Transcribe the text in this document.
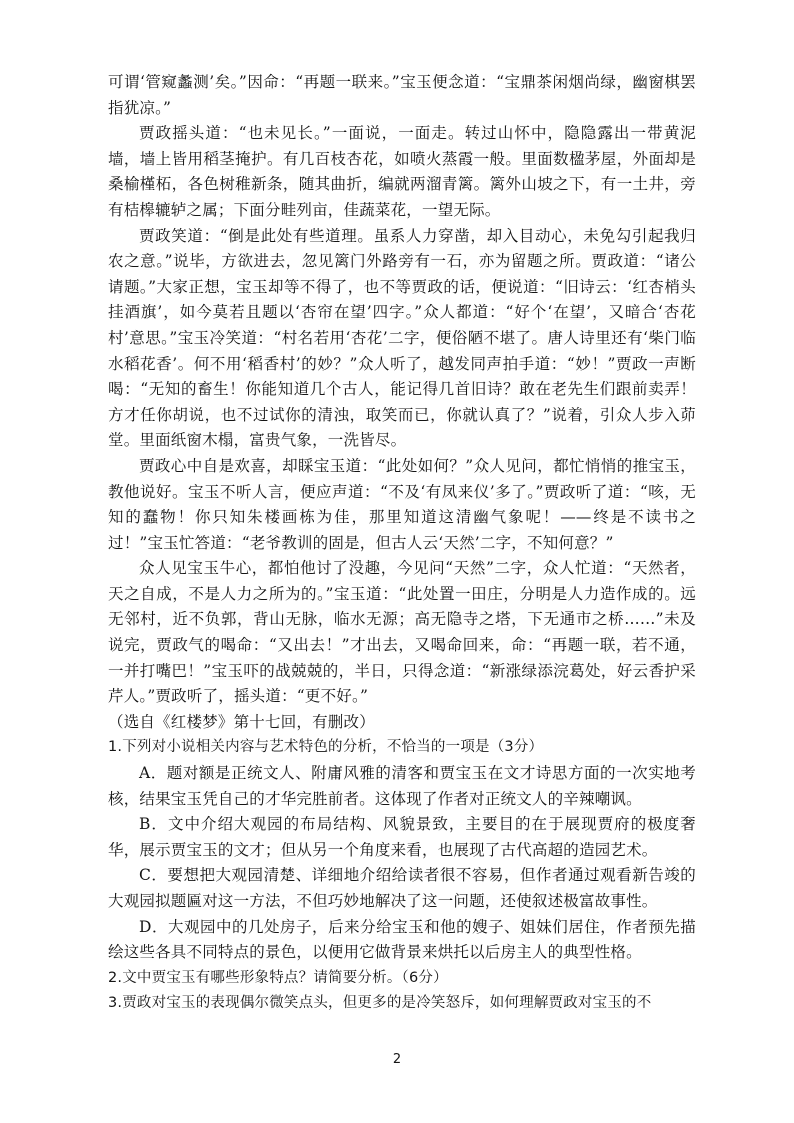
可谓‘管窥蠡测’矣。”因命：“再题一联来。”宝玉便念道：“宝鼎茶闲烟尚绿，幽窗棋罢指犹凉。”

贾政摇头道：“也未见长。”一面说，一面走。转过山怀中，隐隐露出一带黄泥墙，墙上皆用稻茎掩护。有几百枝杏花，如喷火蒸霞一般。里面数楹茅屋，外面却是桑榆槿柘，各色树稚新条，随其曲折，编就两溜青篱。篱外山坡之下，有一土井，旁有桔槔辘轳之属；下面分畦列亩，佳蔬菜花，一望无际。

贾政笑道：“倒是此处有些道理。虽系人力穿凿，却入目动心，未免勾引起我归农之意。”说毕，方欲进去，忽见篱门外路旁有一石，亦为留题之所。贾政道：“诸公请题。”大家正想，宝玉却等不得了，也不等贾政的话，便说道：“旧诗云：‘红杏梢头挂酒旗’，如今莫若且题以‘杏帘在望’四字。”众人都道：“好个‘在望’，又暗合‘杏花村’意思。”宝玉冷笑道：“村名若用‘杏花’二字，便俗陋不堪了。唐人诗里还有‘柴门临水稻花香’。何不用‘稻香村’的妙？”众人听了，越发同声拍手道：“妙！”贾政一声断喝：“无知的畜生！你能知道几个古人，能记得几首旧诗？敢在老先生们跟前卖弄！方才任你胡说，也不过试你的清浊，取笑而已，你就认真了？”说着，引众人步入茆堂。里面纸窗木榻，富贵气象，一洗皆尽。

贾政心中自是欢喜，却睬宝玉道：“此处如何？”众人见问，都忙悄悄的推宝玉，教他说好。宝玉不听人言，便应声道：“不及‘有凤来仪’多了。”贾政听了道：“咳，无知的蠢物！你只知朱楼画栋为佳，那里知道这清幽气象呢！——终是不读书之过！”宝玉忙答道：“老爷教训的固是，但古人云‘天然’二字，不知何意？”

众人见宝玉牛心，都怕他讨了没趣，今见问“天然”二字，众人忙道：“天然者，天之自成，不是人力之所为的。”宝玉道：“此处置一田庄，分明是人力造作成的。远无邻村，近不负郭，背山无脉，临水无源；高无隐寺之塔，下无通市之桥……”未及说完，贾政气的喝命：“又出去！”才出去，又喝命回来，命：“再题一联，若不通，一并打嘴巴！”宝玉吓的战兢兢的，半日，只得念道：“新涨绿添浣葛处，好云香护采芹人。”贾政听了，摇头道：“更不好。”

（选自《红楼梦》第十七回，有删改）

1.下列对小说相关内容与艺术特色的分析，不恰当的一项是（3分）

A．题对额是正统文人、附庸风雅的清客和贾宝玉在文才诗思方面的一次实地考核，结果宝玉凭自己的才华完胜前者。这体现了作者对正统文人的辛辣嘲讽。

B．文中介绍大观园的布局结构、风貌景致，主要目的在于展现贾府的极度奢华，展示贾宝玉的文才；但从另一个角度来看，也展现了古代高超的造园艺术。

C．要想把大观园清楚、详细地介绍给读者很不容易，但作者通过观看新告竣的大观园拟题匾对这一方法，不但巧妙地解决了这一问题，还使叙述极富故事性。

D．大观园中的几处房子，后来分给宝玉和他的嫂子、姐妹们居住，作者预先描绘这些各具不同特点的景色，以便用它做背景来烘托以后房主人的典型性格。

2.文中贾宝玉有哪些形象特点？请简要分析。（6分）

3.贾政对宝玉的表现偶尔微笑点头，但更多的是冷笑怒斥，如何理解贾政对宝玉的不

2
